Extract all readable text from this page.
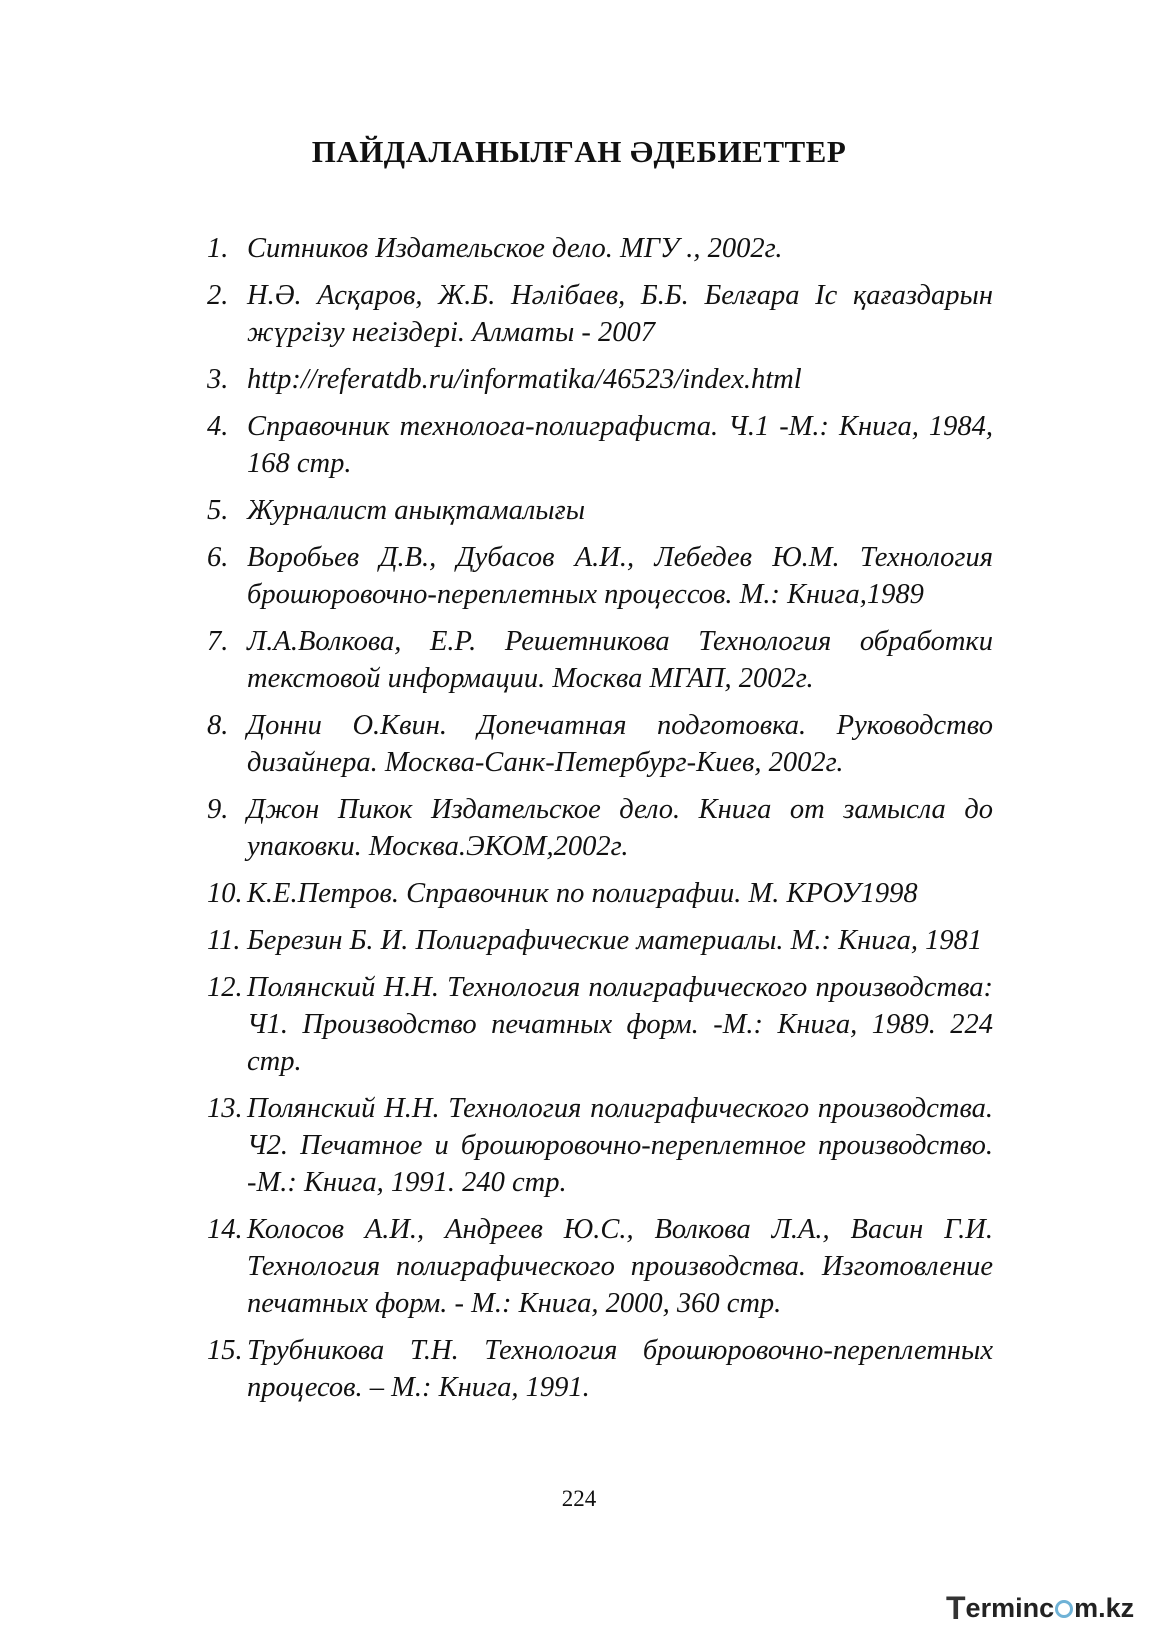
ПАЙДАЛАНЫЛҒАН ӘДЕБИЕТТЕР
1. Ситников Издательское дело. МГУ ., 2002г.
2. Н.Ә. Асқаров, Ж.Б. Нәлібаев, Б.Б. Белғара Іс қағаздарын жүргізу негіздері. Алматы - 2007
3. http://referatdb.ru/informatika/46523/index.html
4. Справочник технолога-полиграфиста. Ч.1 -М.: Книга, 1984, 168 стр.
5. Журналист анықтамалығы
6. Воробьев Д.В., Дубасов А.И., Лебедев Ю.М. Технология брошюровочно-переплетных процессов. М.: Книга,1989
7. Л.А.Волкова, Е.Р. Решетникова Технология обработки текстовой информации. Москва МГАП, 2002г.
8. Донни О.Квин. Допечатная подготовка. Руководство дизайнера. Москва-Санк-Петербург-Киев, 2002г.
9. Джон Пикок Издательское дело. Книга от замысла до упаковки. Москва.ЭКОМ,2002г.
10. К.Е.Петров. Справочник по полиграфии. М. КРОУ1998
11. Березин Б. И. Полиграфические материалы. М.: Книга, 1981
12. Полянский Н.Н. Технология полиграфического производства: Ч1. Производство печатных форм. -М.: Книга, 1989. 224 стр.
13. Полянский Н.Н. Технология полиграфического производства. Ч2. Печатное и брошюровочно-переплетное производство. -М.: Книга, 1991. 240 стр.
14. Колосов А.И., Андреев Ю.С., Волкова Л.А., Васин Г.И. Технология полиграфического производства. Изготовление печатных форм. - М.: Книга, 2000, 360 стр.
15. Трубникова Т.Н. Технология брошюровочно-переплетных процесов. – М.: Книга, 1991.
224
T erminc m.kz
